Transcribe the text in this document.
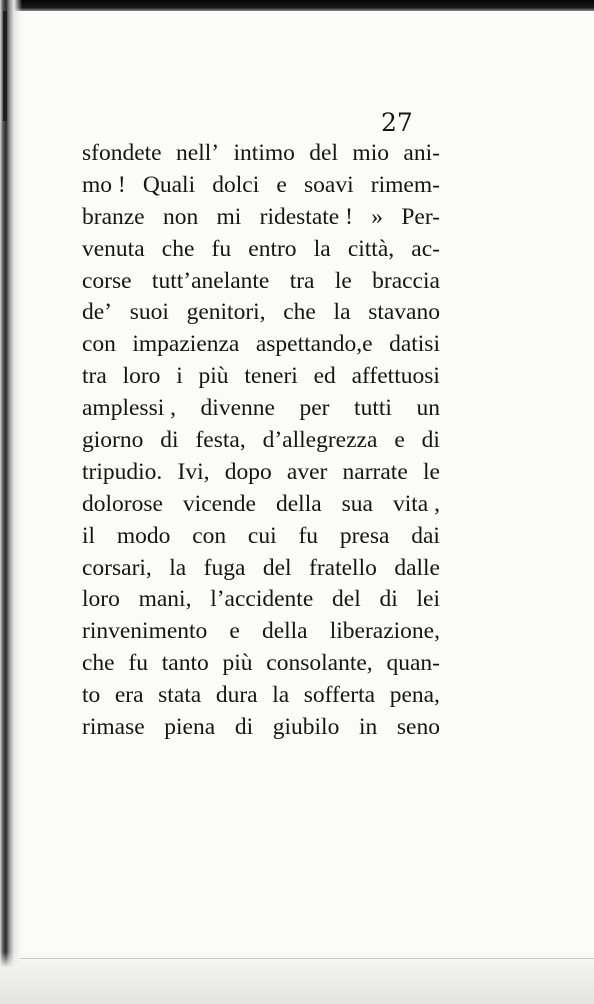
27
sfondete nell’ intimo del mio ani-
mo ! Quali dolci e soavi rimem-
branze non mi ridestate ! » Per-
venuta che fu entro la città, ac-
corse tutt’anelante tra le braccia
de’ suoi genitori, che la stavano
con impazienza aspettando,e datisi
tra loro i più teneri ed affettuosi
amplessi , divenne per tutti un
giorno di festa, d’allegrezza e di
tripudio. Ivi, dopo aver narrate le
dolorose vicende della sua vita ,
il modo con cui fu presa dai
corsari, la fuga del fratello dalle
loro mani, l’accidente del di lei
rinvenimento e della liberazione,
che fu tanto più consolante, quan-
to era stata dura la sofferta pena,
rimase piena di giubilo in seno
